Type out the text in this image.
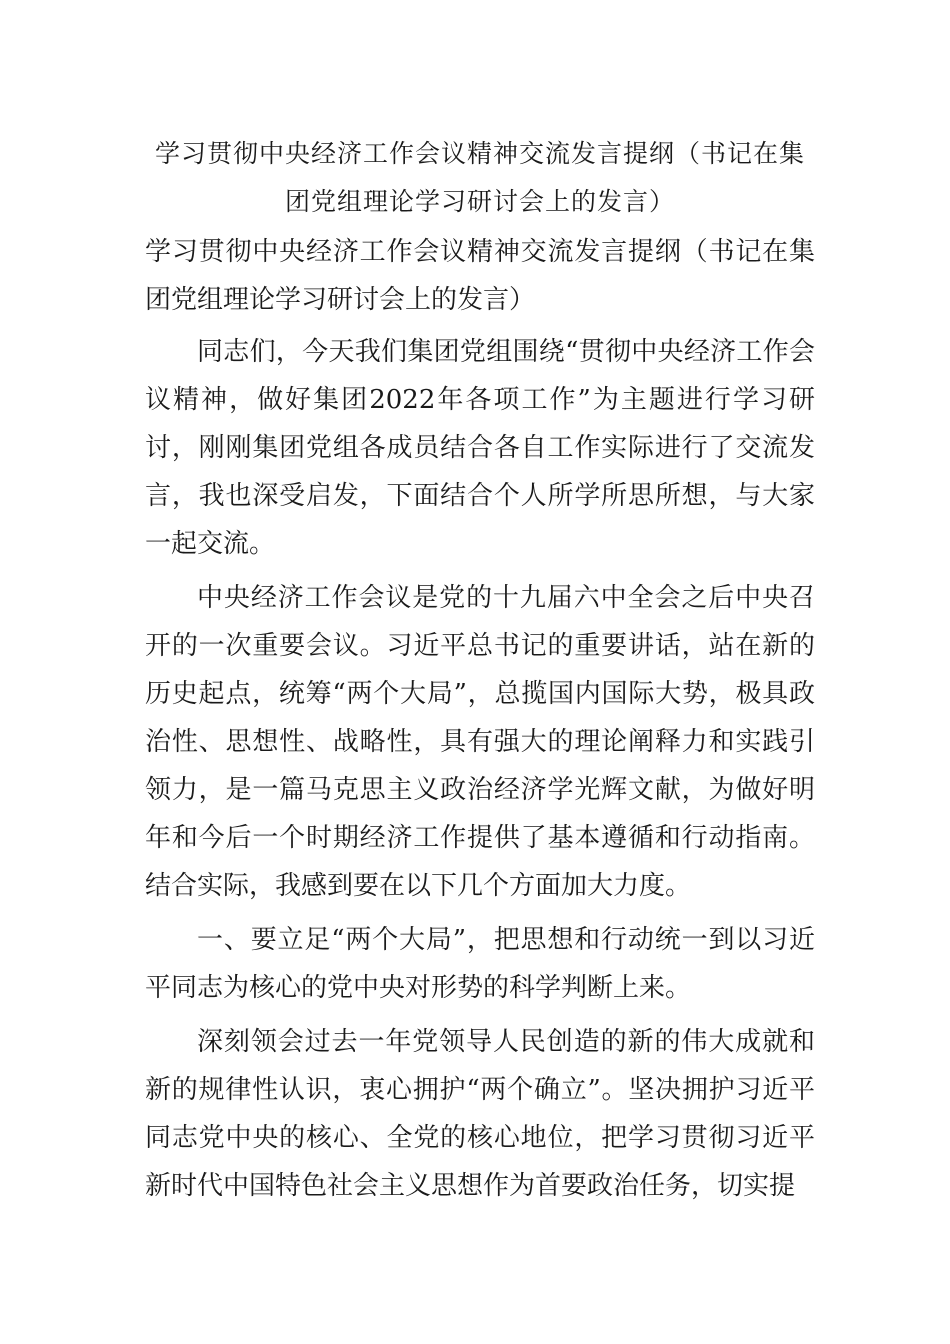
学习贯彻中央经济工作会议精神交流发言提纲（书记在集
团党组理论学习研讨会上的发言）

学习贯彻中央经济工作会议精神交流发言提纲（书记在集团党组理论学习研讨会上的发言）

同志们，今天我们集团党组围绕“贯彻中央经济工作会议精神，做好集团2022年各项工作”为主题进行学习研讨，刚刚集团党组各成员结合各自工作实际进行了交流发言，我也深受启发，下面结合个人所学所思所想，与大家一起交流。

中央经济工作会议是党的十九届六中全会之后中央召开的一次重要会议。习近平总书记的重要讲话，站在新的历史起点，统筹“两个大局”，总揽国内国际大势，极具政治性、思想性、战略性，具有强大的理论阐释力和实践引领力，是一篇马克思主义政治经济学光辉文献，为做好明年和今后一个时期经济工作提供了基本遵循和行动指南。结合实际，我感到要在以下几个方面加大力度。

一、要立足“两个大局”，把思想和行动统一到以习近平同志为核心的党中央对形势的科学判断上来。

深刻领会过去一年党领导人民创造的新的伟大成就和新的规律性认识，衷心拥护“两个确立”。坚决拥护习近平同志党中央的核心、全党的核心地位，把学习贯彻习近平新时代中国特色社会主义思想作为首要政治任务，切实提
